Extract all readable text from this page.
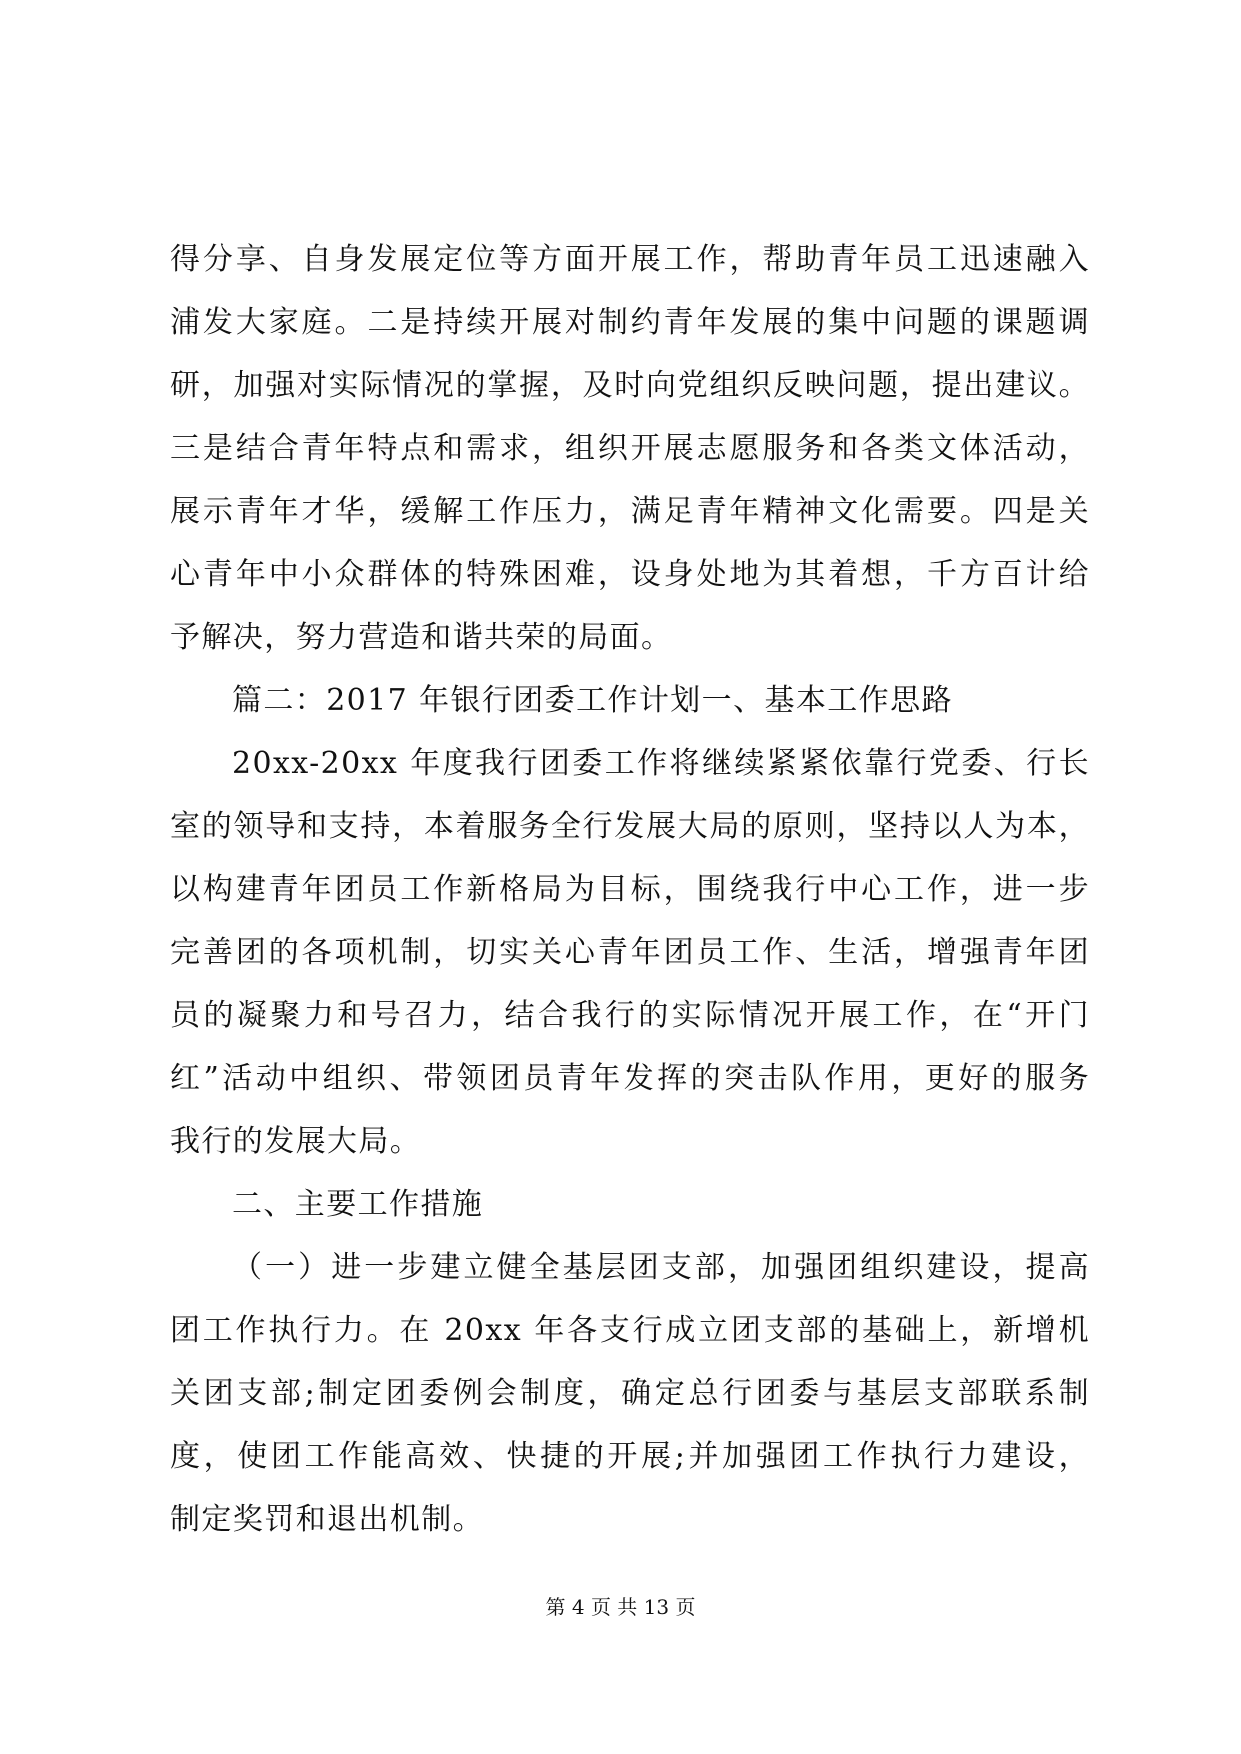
得分享、自身发展定位等方面开展工作，帮助青年员工迅速融入
浦发大家庭。二是持续开展对制约青年发展的集中问题的课题调
研，加强对实际情况的掌握，及时向党组织反映问题，提出建议。
三是结合青年特点和需求，组织开展志愿服务和各类文体活动，
展示青年才华，缓解工作压力，满足青年精神文化需要。四是关
心青年中小众群体的特殊困难，设身处地为其着想，千方百计给
予解决，努力营造和谐共荣的局面。
篇二：2017 年银行团委工作计划一、基本工作思路
20xx-20xx 年度我行团委工作将继续紧紧依靠行党委、行长
室的领导和支持，本着服务全行发展大局的原则，坚持以人为本，
以构建青年团员工作新格局为目标，围绕我行中心工作，进一步
完善团的各项机制，切实关心青年团员工作、生活，增强青年团
员的凝聚力和号召力，结合我行的实际情况开展工作，在“开门
红”活动中组织、带领团员青年发挥的突击队作用，更好的服务
我行的发展大局。
二、主要工作措施
（一）进一步建立健全基层团支部，加强团组织建设，提高
团工作执行力。在 20xx 年各支行成立团支部的基础上，新增机
关团支部;制定团委例会制度，确定总行团委与基层支部联系制
度，使团工作能高效、快捷的开展;并加强团工作执行力建设，
制定奖罚和退出机制。
第 4 页 共 13 页
